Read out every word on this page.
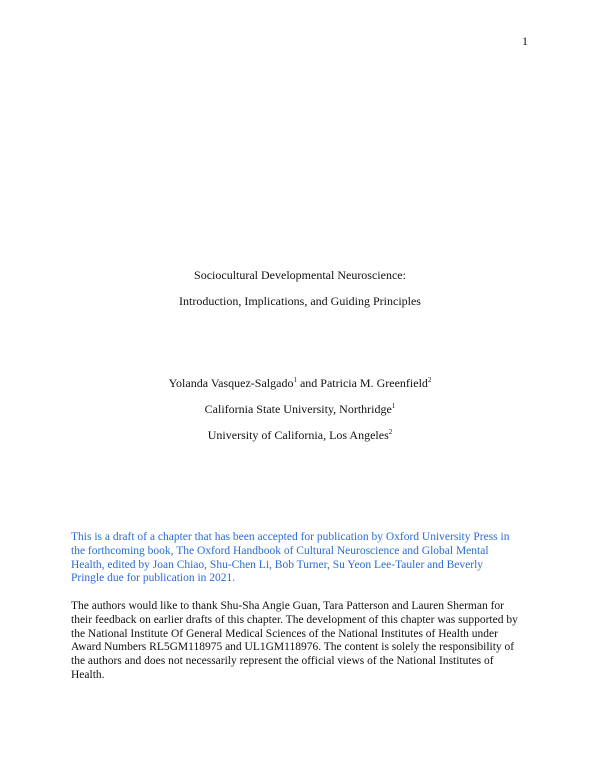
1
Sociocultural Developmental Neuroscience:
Introduction, Implications, and Guiding Principles
Yolanda Vasquez-Salgado$^1$ and Patricia M. Greenfield$^2$
California State University, Northridge$^1$
University of California, Los Angeles$^2$
This is a draft of a chapter that has been accepted for publication by Oxford University Press in
the forthcoming book, The Oxford Handbook of Cultural Neuroscience and Global Mental
Health, edited by Joan Chiao, Shu-Chen Li, Bob Turner, Su Yeon Lee-Tauler and Beverly
Pringle due for publication in 2021.
The authors would like to thank Shu-Sha Angie Guan, Tara Patterson and Lauren Sherman for
their feedback on earlier drafts of this chapter. The development of this chapter was supported by
the National Institute Of General Medical Sciences of the National Institutes of Health under
Award Numbers RL5GM118975 and UL1GM118976. The content is solely the responsibility of
the authors and does not necessarily represent the official views of the National Institutes of
Health.
